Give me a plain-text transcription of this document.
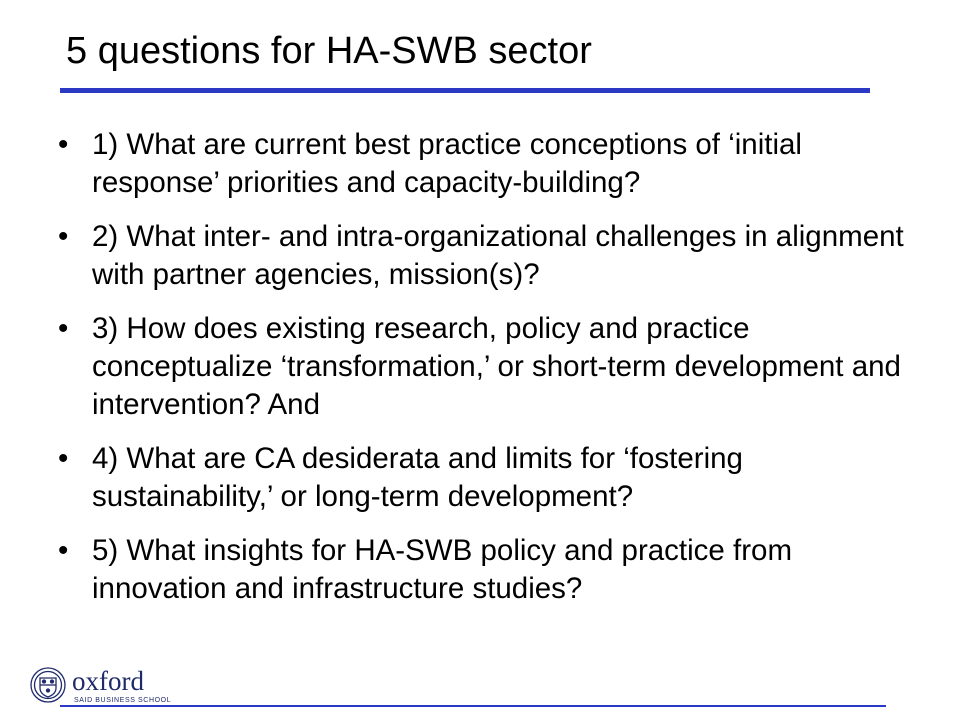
5 questions for HA-SWB sector
• 1) What are current best practice conceptions of ‘initial response’ priorities and capacity-building?
• 2) What inter- and intra-organizational challenges in alignment with partner agencies, mission(s)?
• 3) How does existing research, policy and practice conceptualize ‘transformation,’ or short-term development and intervention? And
• 4) What are CA desiderata and limits for ‘fostering sustainability,’ or long-term development?
• 5) What insights for HA-SWB policy and practice from innovation and infrastructure studies?
oxford
SAID BUSINESS SCHOOL
